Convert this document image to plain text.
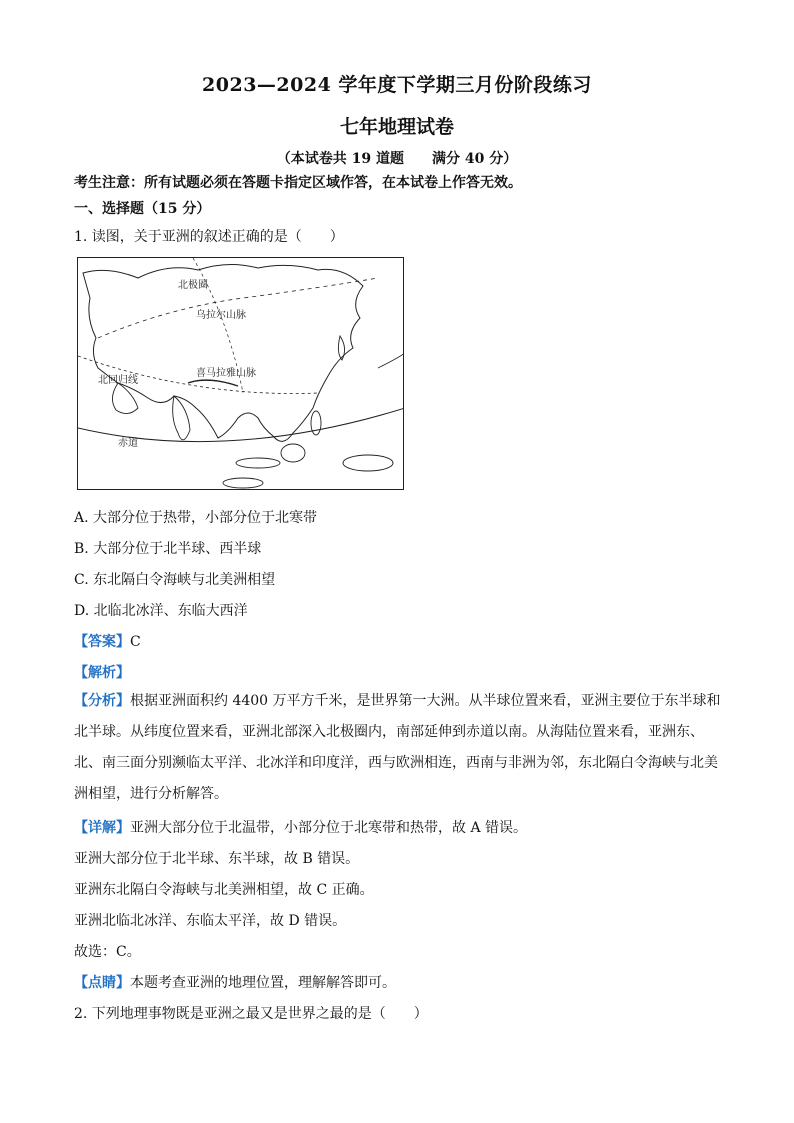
2023—2024 学年度下学期三月份阶段练习
七年地理试卷
（本试卷共 19 道题 满分 40 分）
考生注意：所有试题必须在答题卡指定区域作答，在本试卷上作答无效。
一、选择题（15 分）
1. 读图，关于亚洲的叙述正确的是（　　）
北极圈
北回归线
赤道
乌拉尔山脉
喜马拉雅山脉
A. 大部分位于热带，小部分位于北寒带
B. 大部分位于北半球、西半球
C. 东北隔白令海峡与北美洲相望
D. 北临北冰洋、东临大西洋
【答案】C
【解析】
【分析】根据亚洲面积约 4400 万平方千米，是世界第一大洲。从半球位置来看，亚洲主要位于东半球和北半球。从纬度位置来看，亚洲北部深入北极圈内，南部延伸到赤道以南。从海陆位置来看，亚洲东、北、南三面分别濒临太平洋、北冰洋和印度洋，西与欧洲相连，西南与非洲为邻，东北隔白令海峡与北美洲相望，进行分析解答。
【详解】亚洲大部分位于北温带，小部分位于北寒带和热带，故 A 错误。
亚洲大部分位于北半球、东半球，故 B 错误。
亚洲东北隔白令海峡与北美洲相望，故 C 正确。
亚洲北临北冰洋、东临太平洋，故 D 错误。
故选：C。
【点睛】本题考查亚洲的地理位置，理解解答即可。
2. 下列地理事物既是亚洲之最又是世界之最的是（　　）
